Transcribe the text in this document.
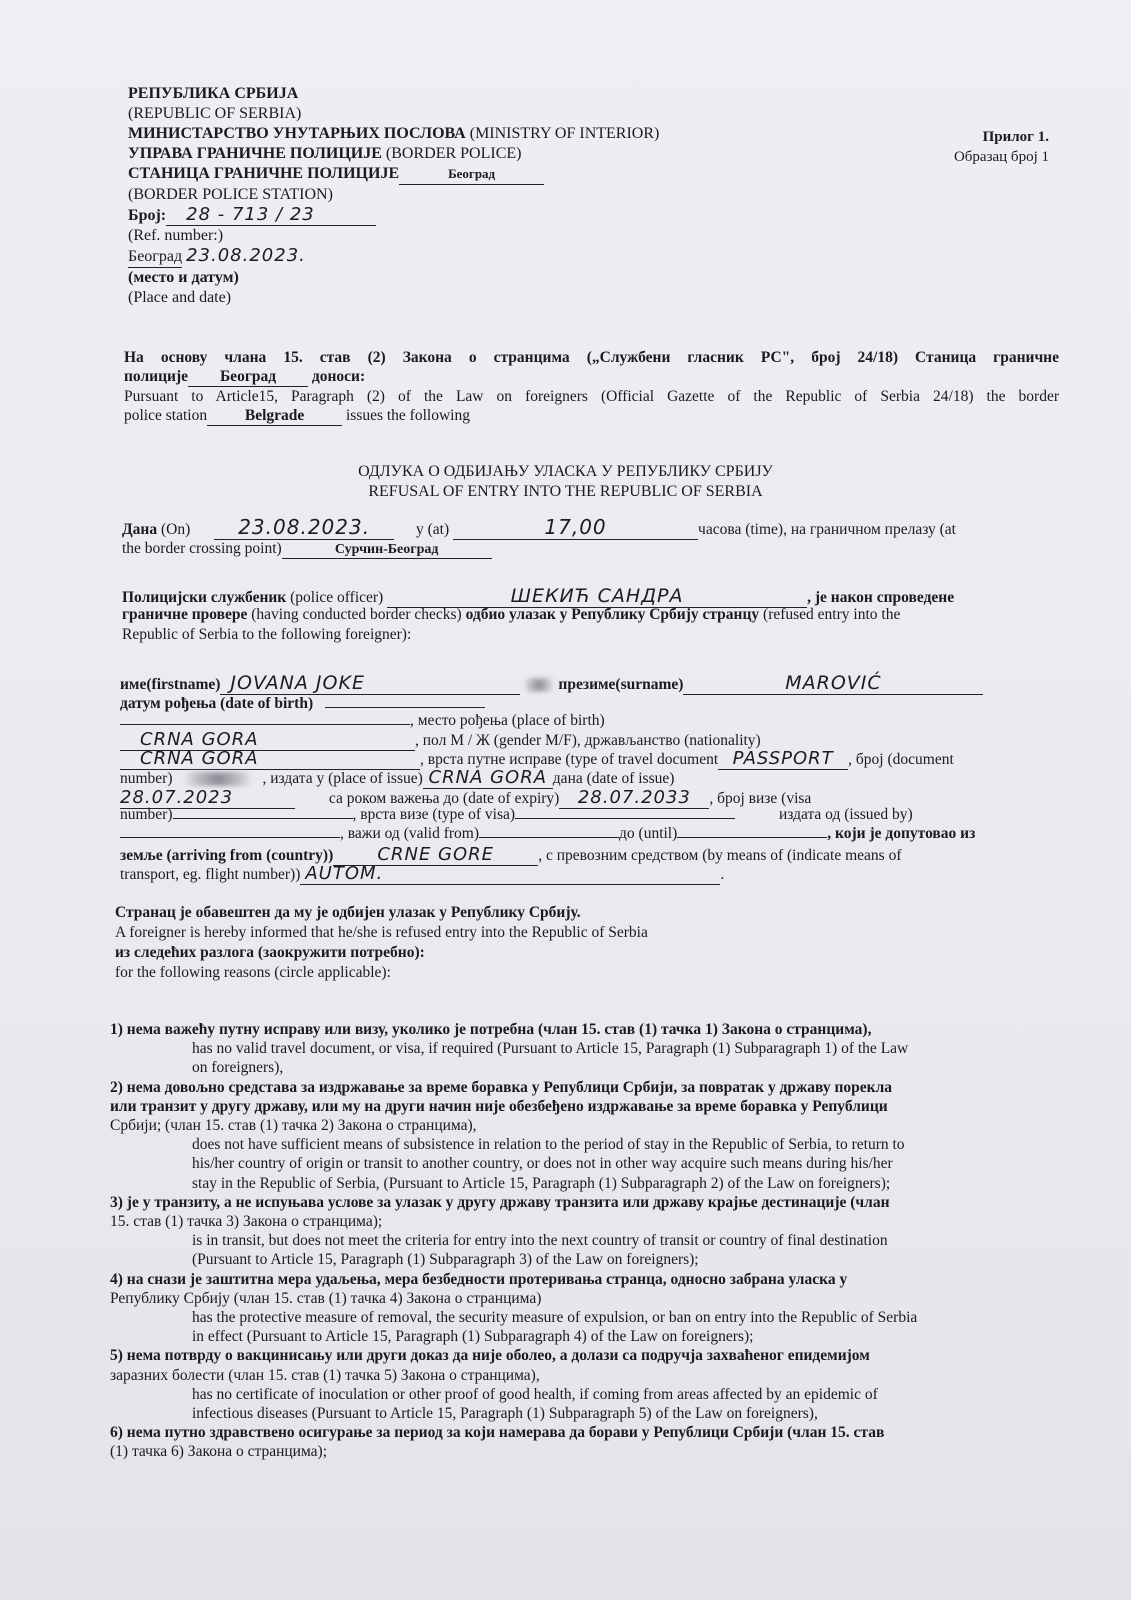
РЕПУБЛИКА СРБИЈА
(REPUBLIC OF SERBIA)
МИНИСТАРСТВО УНУТАРЊИХ ПОСЛОВА (MINISTRY OF INTERIOR)
УПРАВА ГРАНИЧНЕ ПОЛИЦИЈЕ (BORDER POLICE)
СТАНИЦА ГРАНИЧНЕ ПОЛИЦИЈЕ	Београд
(BORDER POLICE STATION)
Број: 28 - 713 / 23
(Ref. number:)
Београд 23.08.2023.
(место и датум)
(Place and date)
Прилог 1.
Образац број 1
На основу члана 15. став (2) Закона о странцима („Службени гласник РС", број 24/18) Станица граничне
полиције Београд доноси:
Pursuant to Article15, Paragraph (2) of the Law on foreigners (Official Gazette of the Republic of Serbia 24/18) the border
police station Belgrade	issues the following
ОДЛУКА О ОДБИЈАЊУ УЛАСКА У РЕПУБЛИКУ СРБИЈУ
REFUSAL OF ENTRY INTO THE REPUBLIC OF SERBIA
Дана (On) 23.08.2023.	у (at)	17,00	часова (time), на граничном прелазу (at
the border crossing point)	Сурчин-Београд
Полицијски службеник (police officer)	ШЕКИЋ САНДРА	, је након спроведене
граничне провере (having conducted border checks) одбио улазак у Републику Србију странцу (refused entry into the
Republic of Serbia to the following foreigner):
име(firstname) JOVANA JOKE	презиме(surname)	MAROVIĆ
датум рођења (date of birth)
, место рођења (place of birth)
CRNA GORA	, пол М / Ж (gender M/F), држављанство (nationality)
CRNA GORA	, врста путне исправе (type of travel document PASSPORT , број (document
number)	, издата у (place of issue) CRNA GORA дана (date of issue)
28.07.2023	са роком важења до (date of expiry) 28.07.2033 , број визе (visa
number)	, врста визе (type of visa)	издата од (issued by)
, важи од (valid from)	до (until)	, који је допутовао из
земље (arriving from (country)) CRNE GORE	, с превозним средством (by means of (indicate means of
transport, eg. flight number)) AUTOM.	.
Странац је обавештен да му је одбијен улазак у Републику Србију.
A foreigner is hereby informed that he/she is refused entry into the Republic of Serbia
из следећих разлога (заокружити потребно):
for the following reasons (circle applicable):
1) нема важећу путну исправу или визу, уколико је потребна (члан 15. став (1) тачка 1) Закона о странцима),
has no valid travel document, or visa, if required (Pursuant to Article 15, Paragraph (1) Subparagraph 1) of the Law
on foreigners),
2) нема довољно средстава за издржавање за време боравка у Републици Србији, за повратак у државу порекла
или транзит у другу државу, или му на други начин није обезбеђено издржавање за време боравка у Републици
Србији; (члан 15. став (1) тачка 2) Закона о странцима),
does not have sufficient means of subsistence in relation to the period of stay in the Republic of Serbia, to return to
his/her country of origin or transit to another country, or does not in other way acquire such means during his/her
stay in the Republic of Serbia, (Pursuant to Article 15, Paragraph (1) Subparagraph 2) of the Law on foreigners);
3) је у транзиту, а не испуњава услове за улазак у другу државу транзита или државу крајње дестинације (члан
15. став (1) тачка 3) Закона о странцима);
is in transit, but does not meet the criteria for entry into the next country of transit or country of final destination
(Pursuant to Article 15, Paragraph (1) Subparagraph 3) of the Law on foreigners);
4) на снази је заштитна мера удаљења, мера безбедности протеривања странца, односно забрана уласка у
Републику Србију (члан 15. став (1) тачка 4) Закона о странцима)
has the protective measure of removal, the security measure of expulsion, or ban on entry into the Republic of Serbia
in effect (Pursuant to Article 15, Paragraph (1) Subparagraph 4) of the Law on foreigners);
5) нема потврду о вакцинисању или други доказ да није оболео, а долази са подручја захваћеног епидемијом
заразних болести (члан 15. став (1) тачка 5) Закона о странцима),
has no certificate of inoculation or other proof of good health, if coming from areas affected by an epidemic of
infectious diseases (Pursuant to Article 15, Paragraph (1) Subparagraph 5) of the Law on foreigners),
6) нема путно здравствено осигурање за период за који намерава да борави у Републици Србији (члан 15. став
(1) тачка 6) Закона о странцима);
